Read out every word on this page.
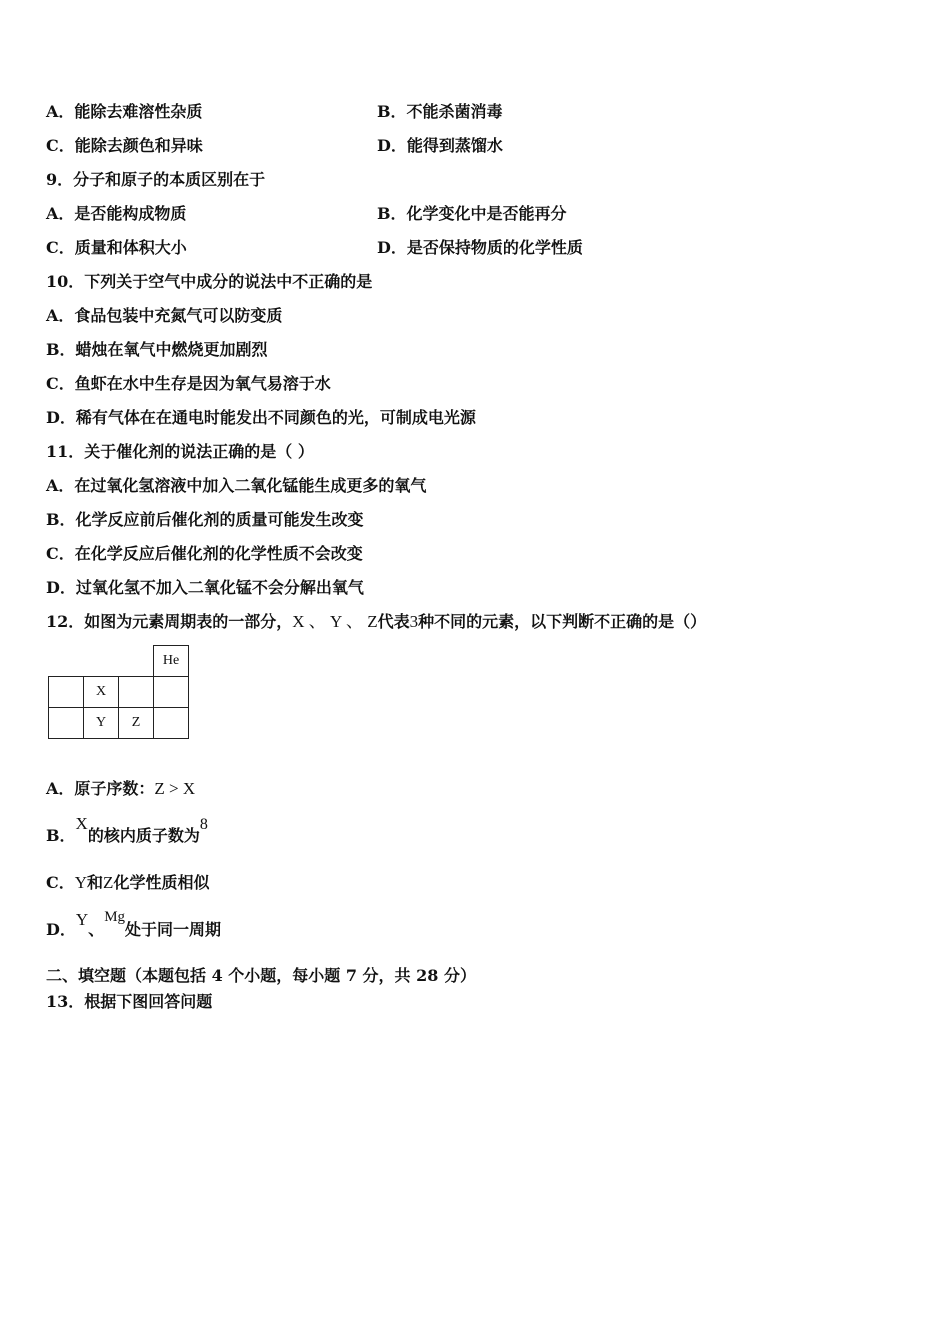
A．能除去难溶性杂质	B．不能杀菌消毒
C．能除去颜色和异味	D．能得到蒸馏水
9．分子和原子的本质区别在于
A．是否能构成物质	B．化学变化中是否能再分
C．质量和体积大小	D．是否保持物质的化学性质
10．下列关于空气中成分的说法中不正确的是
A．食品包装中充氮气可以防变质
B．蜡烛在氧气中燃烧更加剧烈
C．鱼虾在水中生存是因为氧气易溶于水
D．稀有气体在在通电时能发出不同颜色的光，可制成电光源
11．关于催化剂的说法正确的是（ ）
A．在过氧化氢溶液中加入二氧化锰能生成更多的氧气
B．化学反应前后催化剂的质量可能发生改变
C．在化学反应后催化剂的化学性质不会改变
D．过氧化氢不加入二氧化锰不会分解出氧气
12．如图为元素周期表的一部分，X 、 Y 、 Z代表3种不同的元素，以下判断不正确的是（）
			He
	X		
	Y	Z	
A．原子序数：Z > X
B．X的核内质子数为8
C．Y和Z化学性质相似
D．Y、Mg处于同一周期
二、填空题（本题包括 4 个小题，每小题 7 分，共 28 分）
13．根据下图回答问题
